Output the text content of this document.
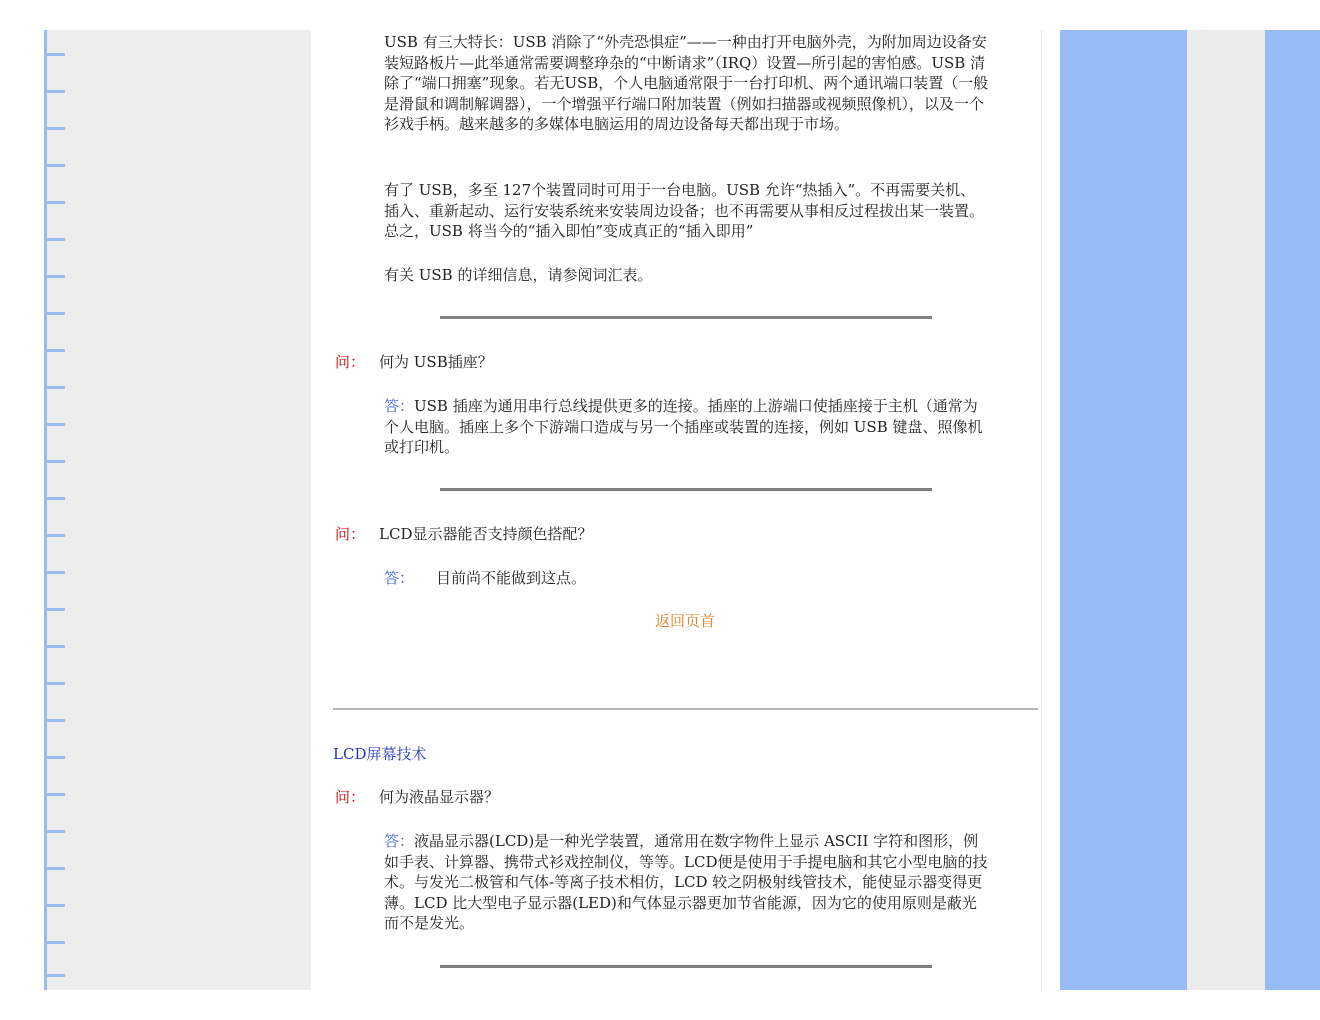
USB 有三大特长：USB 消除了“外壳恐惧症”——一种由打开电脑外壳，为附加周边设备安装短路板片—此举通常需要调整琤杂的“中断请求”（IRQ）设置—所引起的害怕感。USB 清除了“端口拥塞”现象。若无USB，个人电脑通常限于一台打印机、两个通讯端口装置（一般是滑鼠和调制解调器），一个增强平行端口附加装置（例如扫描器或视频照像机），以及一个衫戏手柄。越来越多的多媒体电脑运用的周边设备每天都出现于市场。

有了 USB，多至 127个装置同时可用于一台电脑。USB 允许“热插入”。不再需要关机、插入、重新起动、运行安装系统来安装周边设备；也不再需要从事相反过程拔出某一装置。总之，USB 将当今的“插入即怕”变成真正的“插入即用”

有关 USB 的详细信息，请参阅词汇表。

问： 何为 USB插座？

答：USB 插座为通用串行总线提供更多的连接。插座的上游端口使插座接于主机（通常为个人电脑。插座上多个下游端口造成与另一个插座或装置的连接，例如 USB 键盘、照像机或打印机。

问： LCD显示器能否支持颜色搭配？

答： 目前尚不能做到这点。

返回页首
LCD屏幕技术
问： 何为液晶显示器？

答：液晶显示器(LCD)是一种光学装置，通常用在数字物件上显示 ASCII 字符和图形，例如手表、计算器、携带式衫戏控制仪，等等。LCD便是使用于手提电脑和其它小型电脑的技术。与发光二极管和气体-等离子技术相仿，LCD 较之阴极射线管技术，能使显示器变得更薄。LCD 比大型电子显示器(LED)和气体显示器更加节省能源，因为它的使用原则是蔽光而不是发光。
